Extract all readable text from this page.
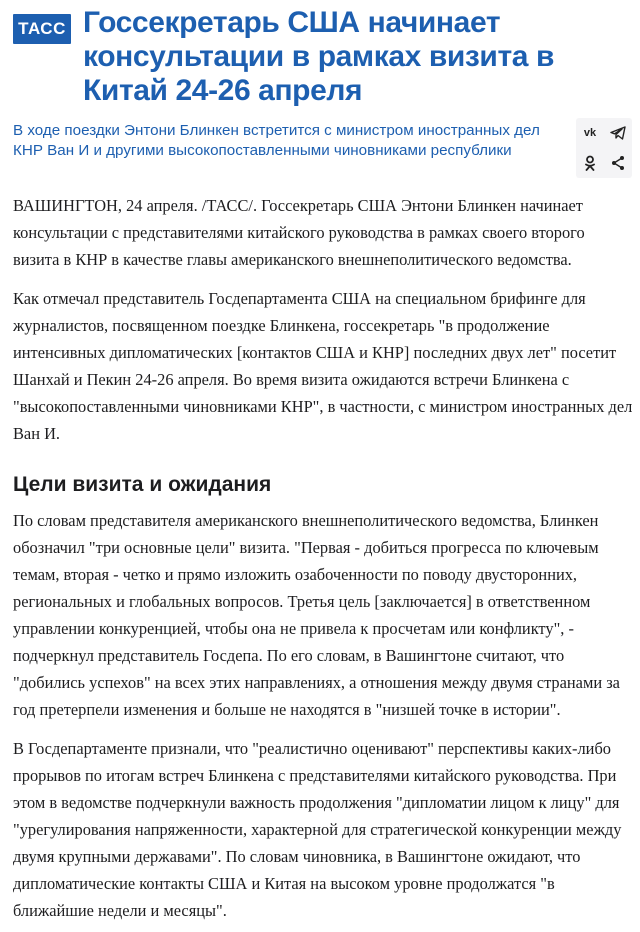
ТАСС Госсекретарь США начинает консультации в рамках визита в Китай 24-26 апреля

В ходе поездки Энтони Блинкен встретится с министром иностранных дел КНР Ван И и другими высокопоставленными чиновниками республики

vk

ВАШИНГТОН, 24 апреля. /ТАСС/. Госсекретарь США Энтони Блинкен начинает консультации с представителями китайского руководства в рамках своего второго визита в КНР в качестве главы американского внешнеполитического ведомства.

Как отмечал представитель Госдепартамента США на специальном брифинге для журналистов, посвященном поездке Блинкена, госсекретарь "в продолжение интенсивных дипломатических [контактов США и КНР] последних двух лет" посетит Шанхай и Пекин 24-26 апреля. Во время визита ожидаются встречи Блинкена с "высокопоставленными чиновниками КНР", в частности, с министром иностранных дел Ван И.

Цели визита и ожидания

По словам представителя американского внешнеполитического ведомства, Блинкен обозначил "три основные цели" визита. "Первая - добиться прогресса по ключевым темам, вторая - четко и прямо изложить озабоченности по поводу двусторонних, региональных и глобальных вопросов. Третья цель [заключается] в ответственном управлении конкуренцией, чтобы она не привела к просчетам или конфликту", - подчеркнул представитель Госдепа. По его словам, в Вашингтоне считают, что "добились успехов" на всех этих направлениях, а отношения между двумя странами за год претерпели изменения и больше не находятся в "низшей точке в истории".

В Госдепартаменте признали, что "реалистично оценивают" перспективы каких-либо прорывов по итогам встреч Блинкена с представителями китайского руководства. При этом в ведомстве подчеркнули важность продолжения "дипломатии лицом к лицу" для "урегулирования напряженности, характерной для стратегической конкуренции между двумя крупными державами". По словам чиновника, в Вашингтоне ожидают, что дипломатические контакты США и Китая на высоком уровне продолжатся "в ближайшие недели и месяцы".
